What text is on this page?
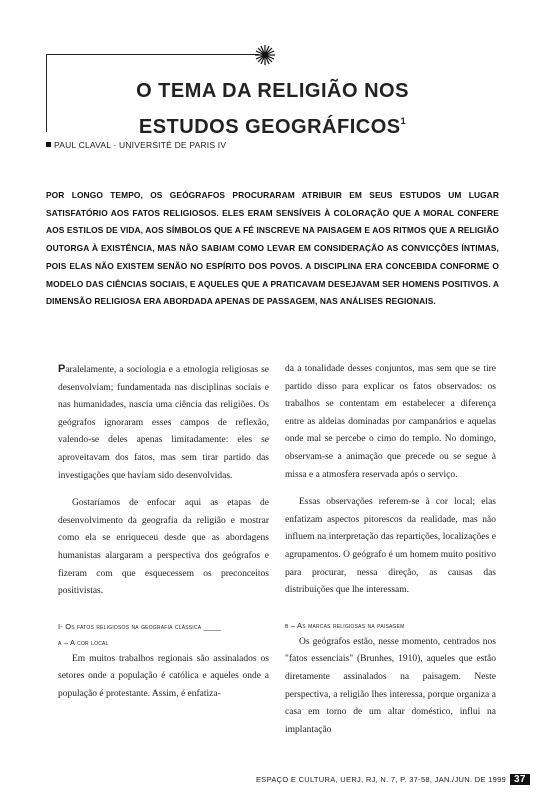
O TEMA DA RELIGIÃO NOS
ESTUDOS GEOGRÁFICOS$^1$
PAUL CLAVAL · UNIVERSITÉ DE PARIS IV

POR LONGO TEMPO, OS GEÓGRAFOS PROCURARAM ATRIBUIR EM SEUS ESTUDOS UM LUGAR SATISFATÓRIO AOS FATOS RELIGIOSOS. ELES ERAM SENSÍVEIS À COLORAÇÃO QUE A MORAL CONFERE AOS ESTILOS DE VIDA, AOS SÍMBOLOS QUE A FÉ INSCREVE NA PAISAGEM E AOS RITMOS QUE A RELIGIÃO OUTORGA À EXISTÊNCIA, MAS NÃO SABIAM COMO LEVAR EM CONSIDERAÇÃO AS CONVICÇÕES ÍNTIMAS, POIS ELAS NÃO EXISTEM SENÃO NO ESPÍRITO DOS POVOS. A DISCIPLINA ERA CONCEBIDA CONFORME O MODELO DAS CIÊNCIAS SOCIAIS, E AQUELES QUE A PRATICAVAM DESEJAVAM SER HOMENS POSITIVOS. A DIMENSÃO RELIGIOSA ERA ABORDADA APENAS DE PASSAGEM, NAS ANÁLISES REGIONAIS.

Paralelamente, a sociologia e a etnologia religiosas se desenvolviam; fundamentada nas disciplinas sociais e nas humanidades, nascia uma ciência das religiões. Os geógrafos ignoraram esses campos de reflexão, valendo-se deles apenas limitadamente: eles se aproveitavam dos fatos, mas sem tirar partido das investigações que haviam sido desenvolvidas.

Gostaríamos de enfocar aqui as etapas de desenvolvimento da geografia da religião e mostrar como ela se enriqueceu desde que as abordagens humanistas alargaram a perspectiva dos geógrafos e fizeram com que esquecessem os preconceitos positivistas.

I- Os fatos religiosos na geografia clássica ____
a – A cor local

Em muitos trabalhos regionais são assinalados os setores onde a população é católica e aqueles onde a população é protestante. Assim, é enfatiza-

da a tonalidade desses conjuntos, mas sem que se tire partido disso para explicar os fatos observados: os trabalhos se contentam em estabelecer a diferença entre as aldeias dominadas por campanários e aquelas onde mal se percebe o cimo do templo. No domingo, observam-se a animação que precede ou se segue à missa e a atmosfera reservada após o serviço.

Essas observações referem-se à cor local; elas enfatizam aspectos pitorescos da realidade, mas não influem na interpretação das repartições, localizações e agrupamentos. O geógrafo é um homem muito positivo para procurar, nessa direção, as causas das distribuições que lhe interessam.

b – As marcas religiosas na paisagem

Os geógrafos estão, nesse momento, centrados nos "fatos essenciais" (Brunhes, 1910), aqueles que estão diretamente assinalados na paisagem. Neste perspectiva, a religião lhes interessa, porque organiza a casa em torno de um altar doméstico, influi na implantação

ESPAÇO E CULTURA, UERJ, RJ, N. 7, P. 37-58, JAN./JUN. DE 1999 37
